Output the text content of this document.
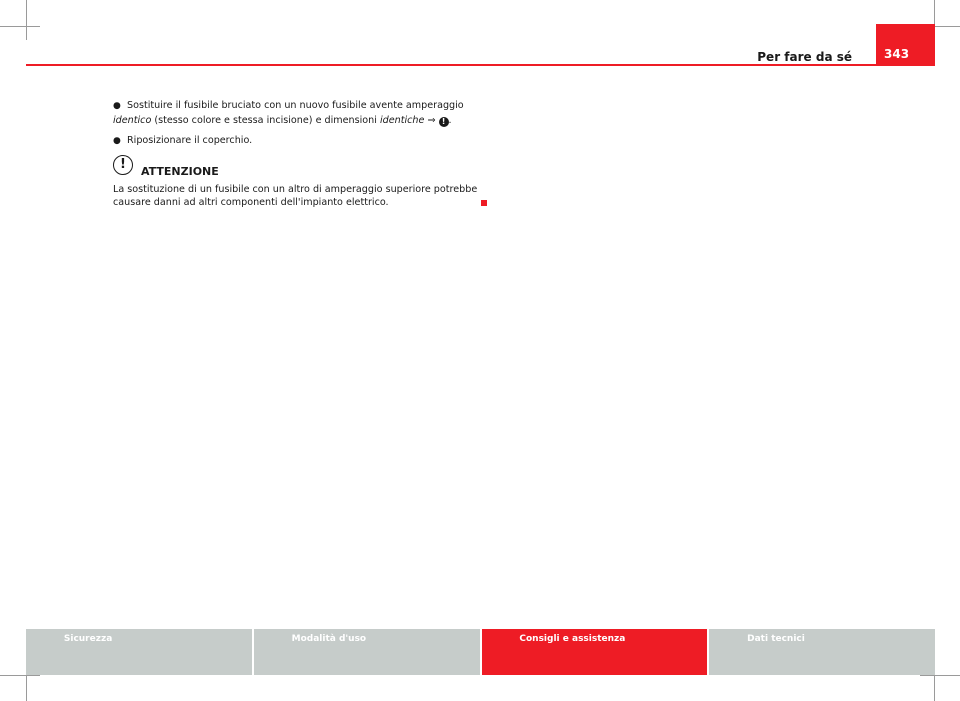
Per fare da sé	343
● Sostituire il fusibile bruciato con un nuovo fusibile avente amperaggio
identico (stesso colore e stessa incisione) e dimensioni identiche ⇒ ! .
● Riposizionare il coperchio.
!	ATTENZIONE
La sostituzione di un fusibile con un altro di amperaggio superiore potrebbe causare danni ad altri componenti dell'impianto elettrico.
Sicurezza	Modalità d'uso	Consigli e assistenza	Dati tecnici
